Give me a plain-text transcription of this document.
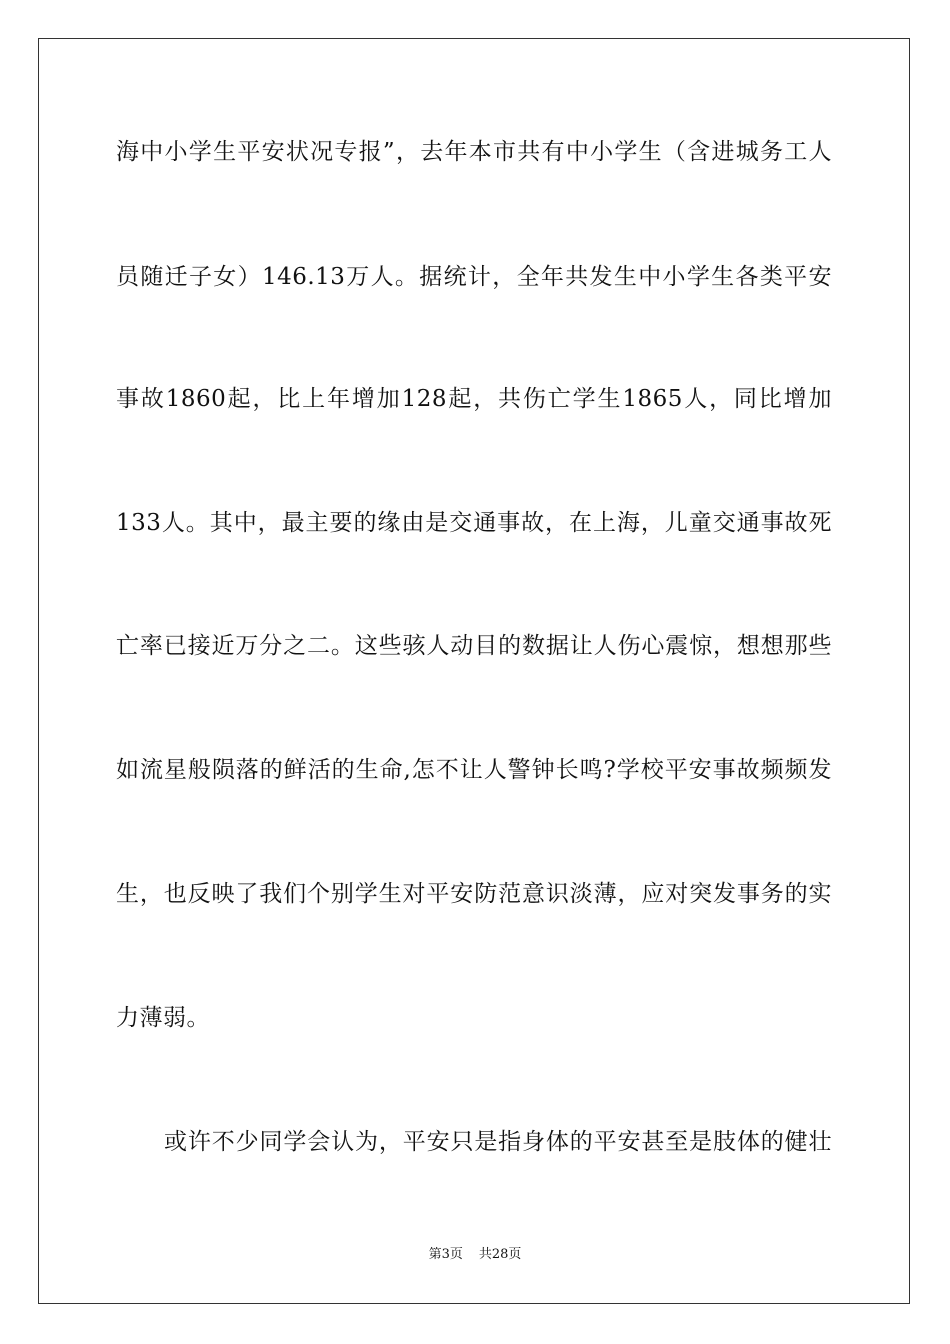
海中小学生平安状况专报”，去年本市共有中小学生（含进城务工人
员随迁子女）146.13万人。据统计，全年共发生中小学生各类平安
事故1860起，比上年增加128起，共伤亡学生1865人，同比增加
133人。其中，最主要的缘由是交通事故，在上海，儿童交通事故死
亡率已接近万分之二。这些骇人动目的数据让人伤心震惊，想想那些
如流星般陨落的鲜活的生命,怎不让人警钟长鸣?学校平安事故频频发
生，也反映了我们个别学生对平安防范意识淡薄，应对突发事务的实
力薄弱。
或许不少同学会认为，平安只是指身体的平安甚至是肢体的健壮
第3页 共28页
